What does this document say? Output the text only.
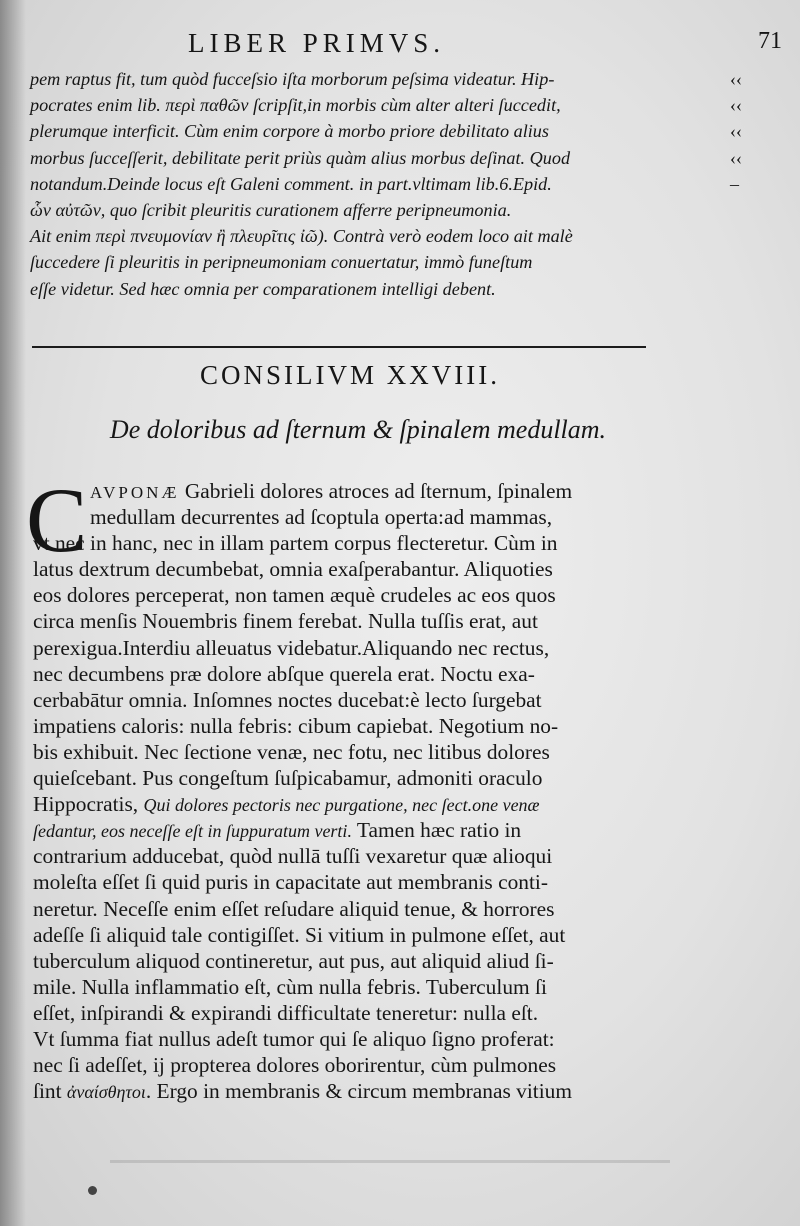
LIBER PRIMVS.	71
pem raptus fit, tum quòd fucceſsio iſta morborum peſsima videatur. Hip-
pocrates enim lib. περὶ παθῶν ſcripſit,in morbis cùm alter alteri ſuccedit,
plerumque interficit. Cùm enim corpore à morbo priore debilitato alius
morbus ſucceſſerit, debilitate perit priùs quàm alius morbus deſinat. Quod
notandum.Deinde locus eſt Galeni comment. in part.vltimam lib.6.Epid.
ὧν αὐτῶν, quo ſcribit pleuritis curationem afferre peripneumonia.
Ait enim περὶ πνευμονίαν ἢ πλευρῖτις ἰῶ). Contrà verò eodem loco ait malè
ſuccedere ſi pleuritis in peripneumoniam conuertatur, immò funeſtum
eſſe videtur. Sed hæc omnia per comparationem intelligi debent.
‹‹
‹‹
‹‹
‹‹
–
CONSILIVM XXVIII.
De doloribus ad ſternum & ſpinalem medullam.
C AVPONÆ Gabrieli dolores atroces ad ſternum, ſpinalem
medullam decurrentes ad ſcoptula operta:ad mammas,
vt nec in hanc, nec in illam partem corpus flecteretur. Cùm in
latus dextrum decumbebat, omnia exaſperabantur. Aliquoties
eos dolores perceperat, non tamen æquè crudeles ac eos quos
circa menſis Nouembris finem ferebat. Nulla tuſſis erat, aut
perexigua.Interdiu alleuatus videbatur.Aliquando nec rectus,
nec decumbens præ dolore abſque querela erat. Noctu exa-
cerbabātur omnia. Inſomnes noctes ducebat:è lecto ſurgebat
impatiens caloris: nulla febris: cibum capiebat. Negotium no-
bis exhibuit. Nec ſectione venæ, nec fotu, nec litibus dolores
quieſcebant. Pus congeſtum ſuſpicabamur, admoniti oraculo
Hippocratis, Qui dolores pectoris nec purgatione, nec ſect.one venæ
ſedantur, eos neceſſe eſt in ſuppuratum verti. Tamen hæc ratio in
contrarium adducebat, quòd nullā tuſſi vexaretur quæ alioqui
moleſta eſſet ſi quid puris in capacitate aut membranis conti-
neretur. Neceſſe enim eſſet reſudare aliquid tenue, & horrores
adeſſe ſi aliquid tale contigiſſet. Si vitium in pulmone eſſet, aut
tuberculum aliquod contineretur, aut pus, aut aliquid aliud ſi-
mile. Nulla inflammatio eſt, cùm nulla febris. Tuberculum ſi
eſſet, inſpirandi & expirandi difficultate teneretur: nulla eſt.
Vt ſumma fiat nullus adeſt tumor qui ſe aliquo ſigno proferat:
nec ſi adeſſet, ij propterea dolores oborirentur, cùm pulmones
ſint ἀναίσθητοι. Ergo in membranis & circum membranas vitium
